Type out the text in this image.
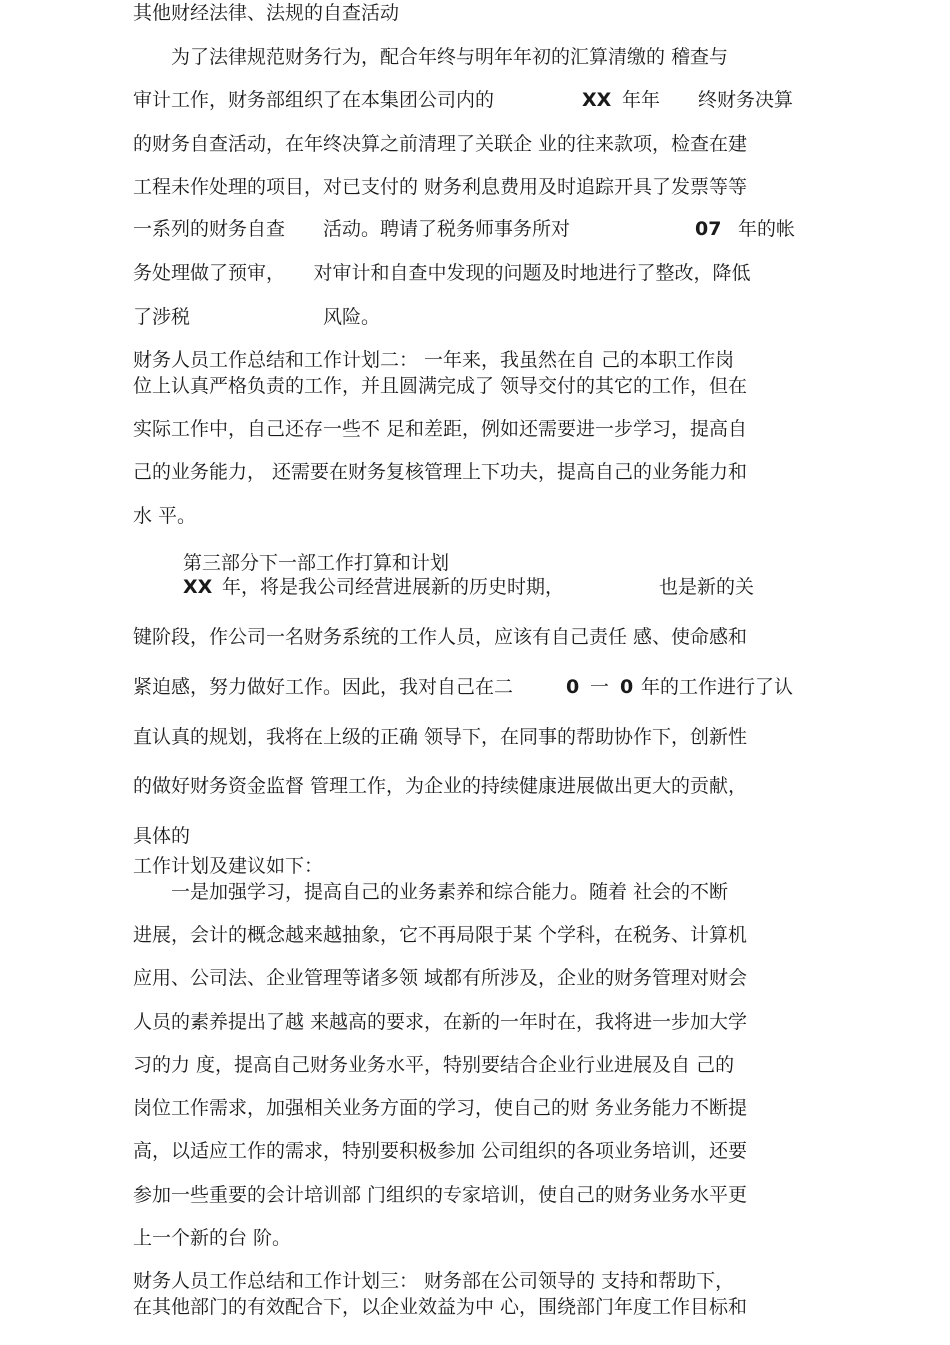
其他财经法律、法规的自查活动
　　为了法律规范财务行为，配合年终与明年年初的汇算清缴的 稽查与
审计工作，财务部组织了在本集团公司内的	XX 年年　　终财务决算
的财务自查活动，在年终决算之前清理了关联企 业的往来款项，检查在建
工程未作处理的项目，对已支付的 财务利息费用及时追踪开具了发票等等
一系列的财务自查　　活动。聘请了税务师事务所对	07 年的帐
务处理做了预审，　　对审计和自查中发现的问题及时地进行了整改，降低
了涉税　　　　　　　风险。
财务人员工作总结和工作计划二： 一年来，我虽然在自 己的本职工作岗
位上认真严格负责的工作，并且圆满完成了 领导交付的其它的工作，但在
实际工作中，自己还存一些不 足和差距，例如还需要进一步学习，提高自
己的业务能力， 还需要在财务复核管理上下功夫，提高自己的业务能力和
水 平。
第三部分下一部工作打算和计划
XX 年，将是我公司经营进展新的历史时期，	也是新的关
键阶段，作公司一名财务系统的工作人员，应该有自己责任 感、使命感和
紧迫感，努力做好工作。因此，我对自己在二	0 一 0 年的工作进行了认
直认真的规划，我将在上级的正确 领导下，在同事的帮助协作下，创新性
的做好财务资金监督 管理工作，为企业的持续健康进展做出更大的贡献，
具体的
工作计划及建议如下：
　　一是加强学习，提高自己的业务素养和综合能力。随着 社会的不断
进展，会计的概念越来越抽象，它不再局限于某 个学科，在税务、计算机
应用、公司法、企业管理等诸多领 域都有所涉及，企业的财务管理对财会
人员的素养提出了越 来越高的要求，在新的一年时在，我将进一步加大学
习的力 度，提高自己财务业务水平，特别要结合企业行业进展及自 己的
岗位工作需求，加强相关业务方面的学习，使自己的财 务业务能力不断提
高，以适应工作的需求，特别要积极参加 公司组织的各项业务培训，还要
参加一些重要的会计培训部 门组织的专家培训，使自己的财务业务水平更
上一个新的台 阶。
财务人员工作总结和工作计划三： 财务部在公司领导的 支持和帮助下，
在其他部门的有效配合下，以企业效益为中 心，围绕部门年度工作目标和
